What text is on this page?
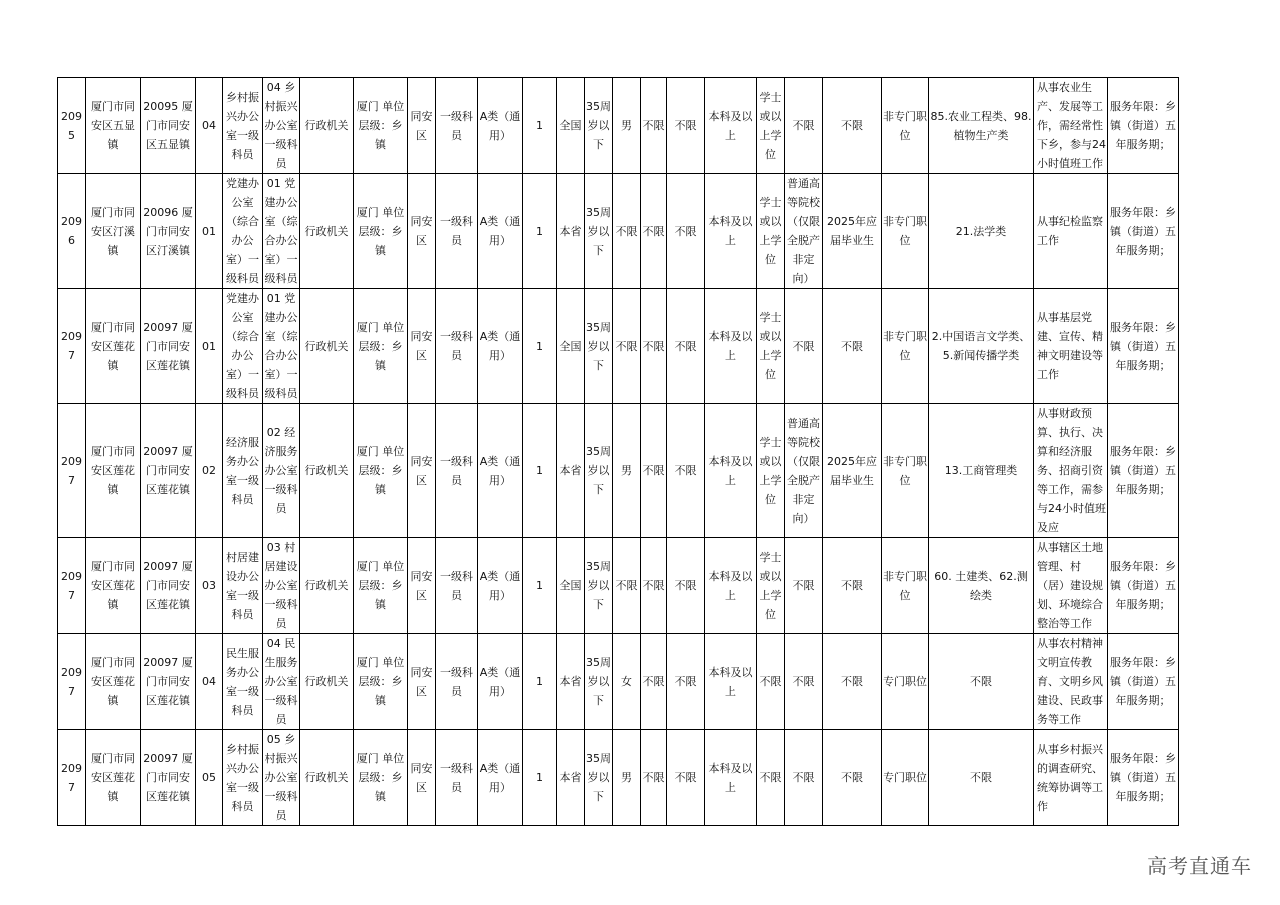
2095	厦门市同安区五显镇	20095 厦门市同安区五显镇	04	乡村振兴办公室一级科员	04 乡村振兴办公室一级科员	行政机关	厦门 单位层级：乡镇	同安区	一级科员	A类（通用）	1	全国	35周岁以下	男	不限	不限	本科及以上	学士或以上学位	不限	不限	非专门职位	85.农业工程类、98.植物生产类	从事农业生产、发展等工作，需经常性下乡，参与24小时值班工作	服务年限：乡镇（街道）五年服务期；
2096	厦门市同安区汀溪镇	20096 厦门市同安区汀溪镇	01	党建办公室（综合办公室）一级科员	01 党建办公室（综合办公室）一级科员	行政机关	厦门 单位层级：乡镇	同安区	一级科员	A类（通用）	1	本省	35周岁以下	不限	不限	不限	本科及以上	学士或以上学位	普通高等院校（仅限全脱产非定向）	2025年应届毕业生	非专门职位	21.法学类	从事纪检监察工作	服务年限：乡镇（街道）五年服务期；
2097	厦门市同安区莲花镇	20097 厦门市同安区莲花镇	01	党建办公室（综合办公室）一级科员	01 党建办公室（综合办公室）一级科员	行政机关	厦门 单位层级：乡镇	同安区	一级科员	A类（通用）	1	全国	35周岁以下	不限	不限	不限	本科及以上	学士或以上学位	不限	不限	非专门职位	2.中国语言文学类、5.新闻传播学类	从事基层党建、宣传、精神文明建设等工作	服务年限：乡镇（街道）五年服务期；
2097	厦门市同安区莲花镇	20097 厦门市同安区莲花镇	02	经济服务办公室一级科员	02 经济服务办公室一级科员	行政机关	厦门 单位层级：乡镇	同安区	一级科员	A类（通用）	1	本省	35周岁以下	男	不限	不限	本科及以上	学士或以上学位	普通高等院校（仅限全脱产非定向）	2025年应届毕业生	非专门职位	13.工商管理类	从事财政预算、执行、决算和经济服务、招商引资等工作，需参与24小时值班及应	服务年限：乡镇（街道）五年服务期；
2097	厦门市同安区莲花镇	20097 厦门市同安区莲花镇	03	村居建设办公室一级科员	03 村居建设办公室一级科员	行政机关	厦门 单位层级：乡镇	同安区	一级科员	A类（通用）	1	全国	35周岁以下	不限	不限	不限	本科及以上	学士或以上学位	不限	不限	非专门职位	60. 土建类、62.测绘类	从事辖区土地管理、村（居）建设规划、环境综合整治等工作	服务年限：乡镇（街道）五年服务期；
2097	厦门市同安区莲花镇	20097 厦门市同安区莲花镇	04	民生服务办公室一级科员	04 民生服务办公室一级科员	行政机关	厦门 单位层级：乡镇	同安区	一级科员	A类（通用）	1	本省	35周岁以下	女	不限	不限	本科及以上	不限	不限	不限	专门职位	不限	从事农村精神文明宣传教育、文明乡风建设、民政事务等工作	服务年限：乡镇（街道）五年服务期；
2097	厦门市同安区莲花镇	20097 厦门市同安区莲花镇	05	乡村振兴办公室一级科员	05 乡村振兴办公室一级科员	行政机关	厦门 单位层级：乡镇	同安区	一级科员	A类（通用）	1	本省	35周岁以下	男	不限	不限	本科及以上	不限	不限	不限	专门职位	不限	从事乡村振兴的调查研究、统筹协调等工作	服务年限：乡镇（街道）五年服务期；
高考直通车
